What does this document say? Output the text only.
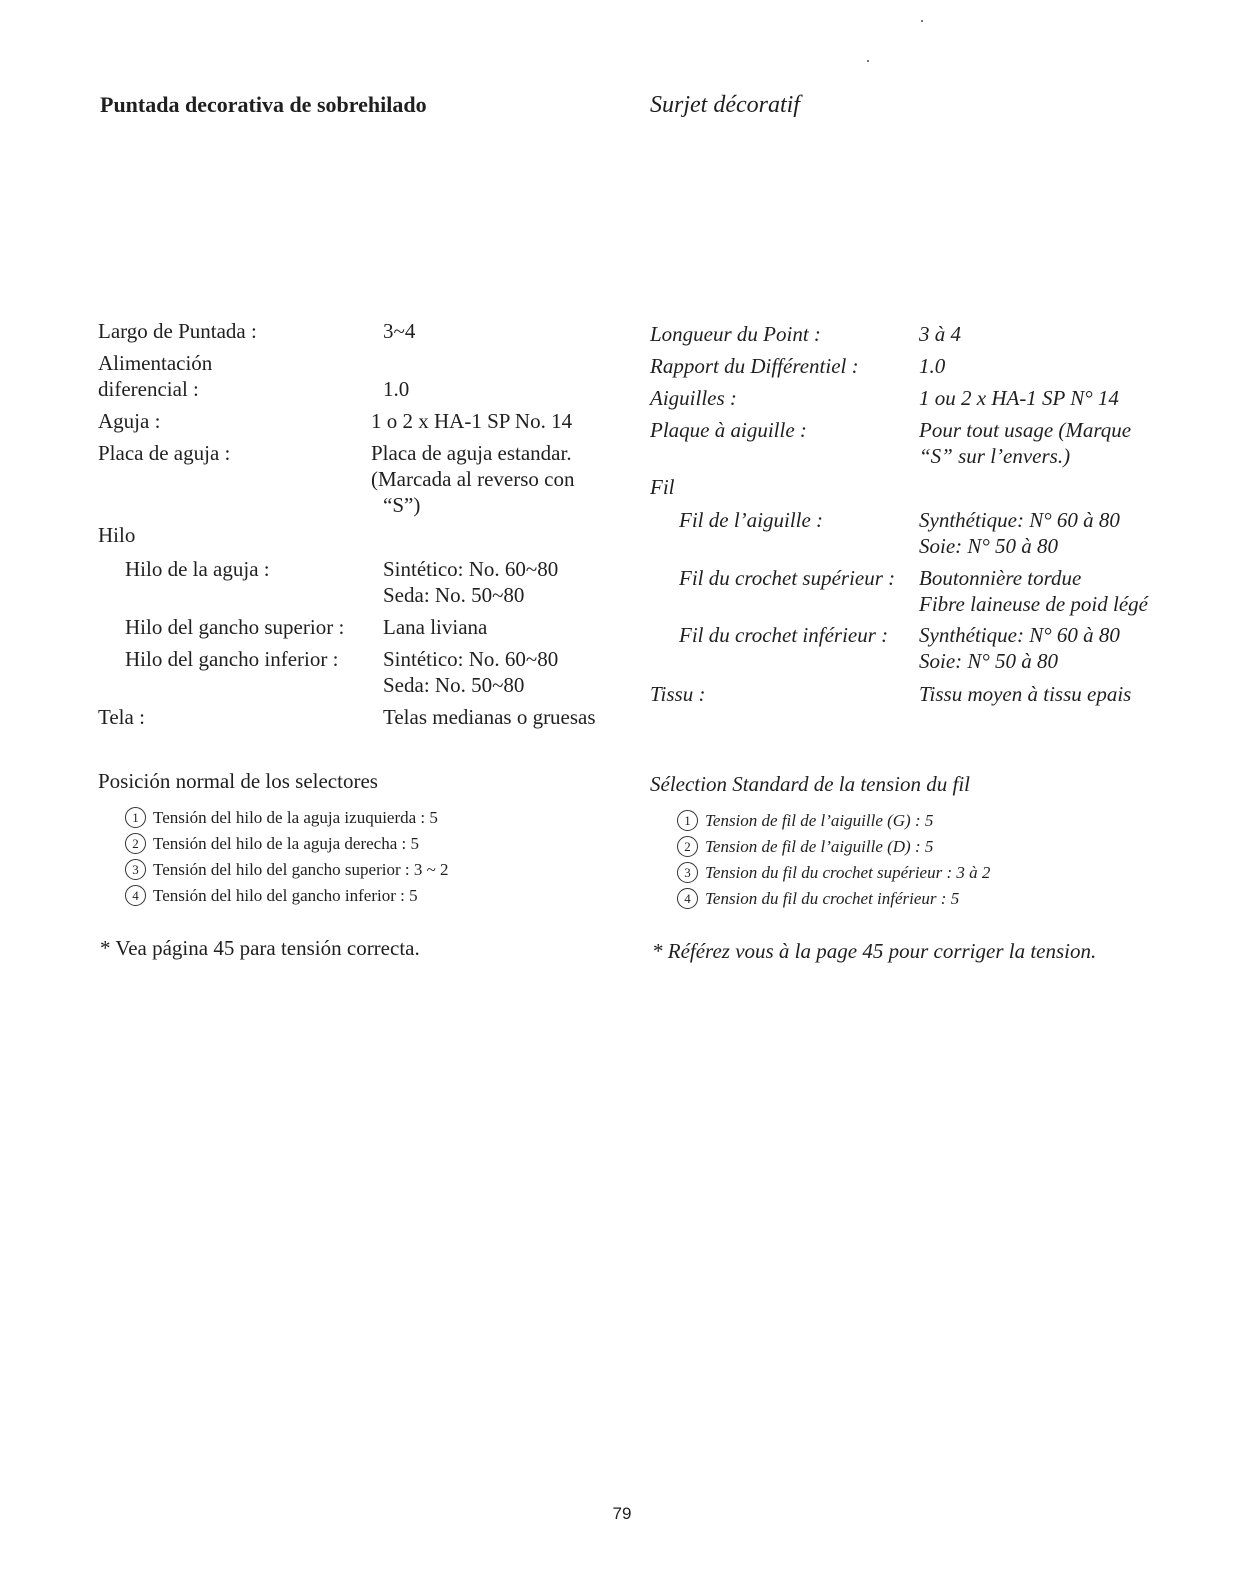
Puntada decorativa de sobrehilado	Surjet décoratif
Largo de Puntada :	3~4
Alimentación
diferencial :	1.0
Aguja :	1 o 2 x HA-1 SP No. 14
Placa de aguja :	Placa de aguja estandar.
(Marcada al reverso con
“S”)
Hilo
Hilo de la aguja :	Sintético: No. 60~80
Seda: No. 50~80
Hilo del gancho superior : Lana liviana
Hilo del gancho inferior : Sintético: No. 60~80
Seda: No. 50~80
Tela :	Telas medianas o gruesas
Longueur du Point :	3 à 4
Rapport du Différentiel :	1.0
Aiguilles :	1 ou 2 x HA-1 SP N° 14
Plaque à aiguille :	Pour tout usage (Marque
“S” sur l’envers.)
Fil
Fil de l’aiguille :	Synthétique: N° 60 à 80
Soie: N° 50 à 80
Fil du crochet supérieur : Boutonnière tordue
Fibre laineuse de poid légé
Fil du crochet inférieur : Synthétique: N° 60 à 80
Soie: N° 50 à 80
Tissu :	Tissu moyen à tissu epais
Posición normal de los selectores
1 Tensión del hilo de la aguja izuquierda : 5
2 Tensión del hilo de la aguja derecha : 5
3 Tensión del hilo del gancho superior : 3 ~ 2
4 Tensión del hilo del gancho inferior : 5
* Vea página 45 para tensión correcta.
Sélection Standard de la tension du fil
1 Tension de fil de l’aiguille (G) : 5
2 Tension de fil de l’aiguille (D) : 5
3 Tension du fil du crochet supérieur : 3 à 2
4 Tension du fil du crochet inférieur : 5
* Référez vous à la page 45 pour corriger la tension.
79
